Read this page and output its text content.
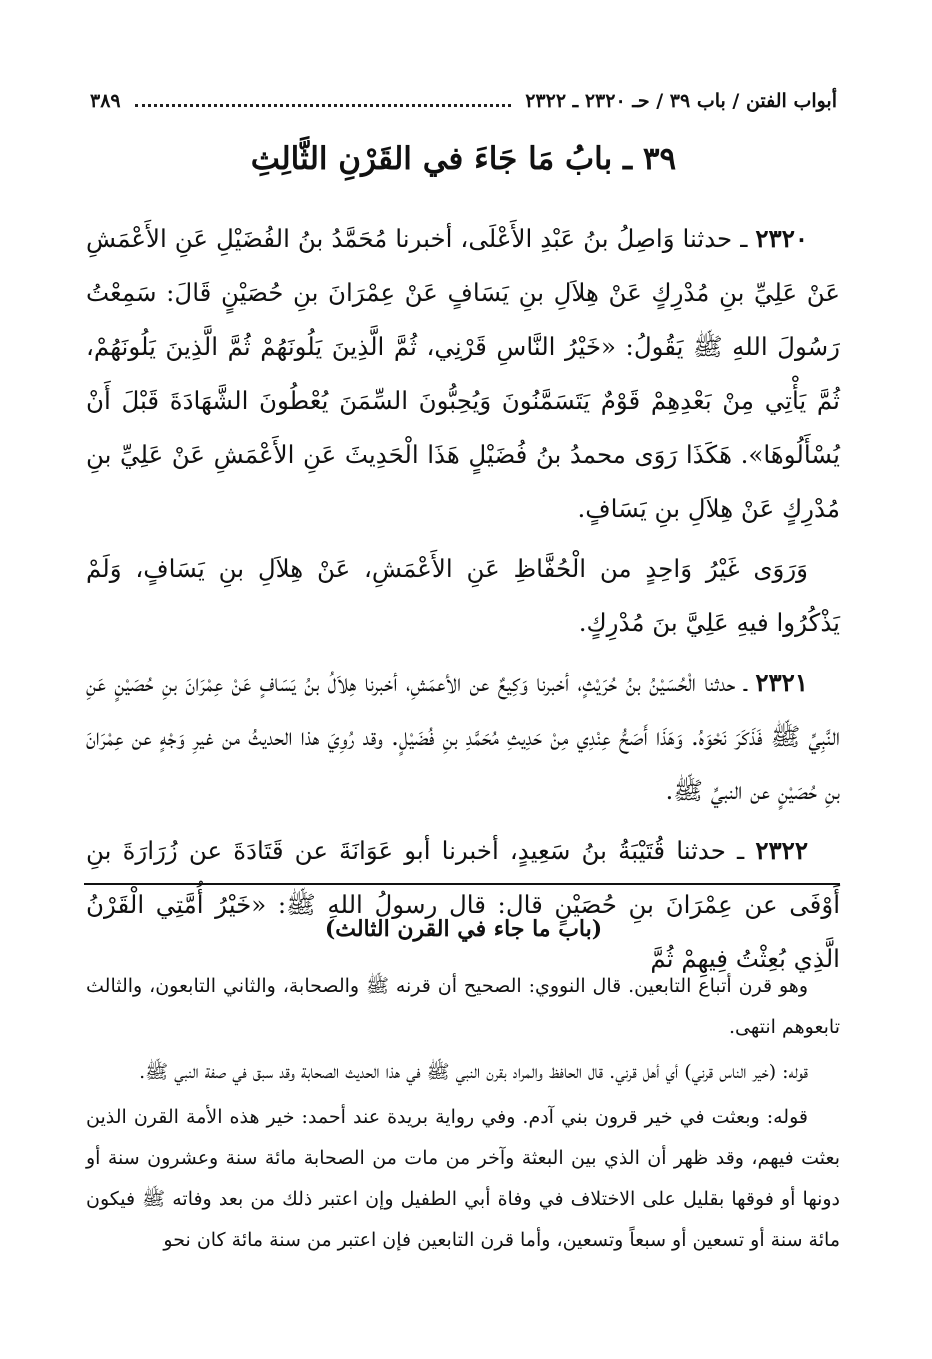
أبواب الفتن / باب ٣٩ / حـ ٢٣٢٠ ـ ٢٣٢٢
٣٨٩
٣٩ ـ بابُ مَا جَاءَ في القَرْنِ الثَّالِثِ

٢٣٢٠ ـ حدثنا وَاصِلُ بنُ عَبْدِ الأَعْلَى، أخبرنا مُحَمَّدُ بنُ الفُضَيْلِ عَنِ الأَعْمَشِ عَنْ عَلِيِّ بنِ مُدْرِكٍ عَنْ هِلاَلِ بنِ يَسَافٍ عَنْ عِمْرَانَ بنِ حُصَيْنٍ قَالَ: سَمِعْتُ رَسُولَ اللهِ ﷺ يَقُولُ: «خَيْرُ النَّاسِ قَرْنِي، ثُمَّ الَّذِينَ يَلُونَهُمْ ثُمَّ الَّذِينَ يَلُونَهُمْ، ثُمَّ يَأْتِي مِنْ بَعْدِهِمْ قَوْمٌ يَتَسَمَّنُونَ وَيُحِبُّونَ السِّمَنَ يُعْطُونَ الشَّهَادَةَ قَبْلَ أَنْ يُسْأَلُوهَا». هَكَذَا رَوَى محمدُ بنُ فُضَيْلٍ هَذَا الْحَدِيثَ عَنِ الأَعْمَشِ عَنْ عَلِيِّ بنِ مُدْرِكٍ عَنْ هِلاَلِ بنِ يَسَافٍ.

وَرَوَى غَيْرُ وَاحِدٍ من الْحُفَّاظِ عَنِ الأَعْمَشِ، عَنْ هِلاَلِ بنِ يَسَافٍ، وَلَمْ يَذْكُرُوا فيهِ عَلِيَّ بنَ مُدْرِكٍ.

٢٣٢١ ـ حدثنا الْحُسَيْنُ بنُ حُرَيْثٍ، أخبرنا وَكِيعٌ عن الأعمَشِ، أخبرنا هِلاَلُ بنُ يَسَافٍ عَنْ عِمْرَانَ بنِ حُصَيْنٍ عَنِ النَّبِيِّ ﷺ فَذَكَرَ نَحْوَهُ. وَهَذَا أَصَحُّ عِنْدِي مِنْ حَدِيثِ مُحَمَّدِ بنِ فُضَيْلٍ. وقد رُوِيَ هذا الحديثُ من غيرِ وَجْهٍ عن عِمْرَانَ بنِ حُصَيْنٍ عن النبيِّ ﷺ.

٢٣٢٢ ـ حدثنا قُتَيْبَةُ بنُ سَعِيدٍ، أخبرنا أبو عَوَانَةَ عن قَتَادَةَ عن زُرَارَةَ بنِ أَوْفَى عن عِمْرَانَ بنِ حُصَيْنٍ قال: قال رسولُ اللهِ ﷺ: «خَيْرُ أُمَّتِي الْقَرْنُ الَّذِي بُعِثْتُ فِيهِمْ ثُمَّ

(باب ما جاء في القرن الثالث)

وهو قرن أتباع التابعين. قال النووي: الصحيح أن قرنه ﷺ والصحابة، والثاني التابعون، والثالث تابعوهم انتهى.

قوله: (خير الناس قرني) أي أهل قرني. قال الحافظ والمراد بقرن النبي ﷺ في هذا الحديث الصحابة وقد سبق في صفة النبي ﷺ.

قوله: وبعثت في خير قرون بني آدم. وفي رواية بريدة عند أحمد: خير هذه الأمة القرن الذين بعثت فيهم، وقد ظهر أن الذي بين البعثة وآخر من مات من الصحابة مائة سنة وعشرون سنة أو دونها أو فوقها بقليل على الاختلاف في وفاة أبي الطفيل وإن اعتبر ذلك من بعد وفاته ﷺ فيكون مائة سنة أو تسعين أو سبعاً وتسعين، وأما قرن التابعين فإن اعتبر من سنة مائة كان نحو
